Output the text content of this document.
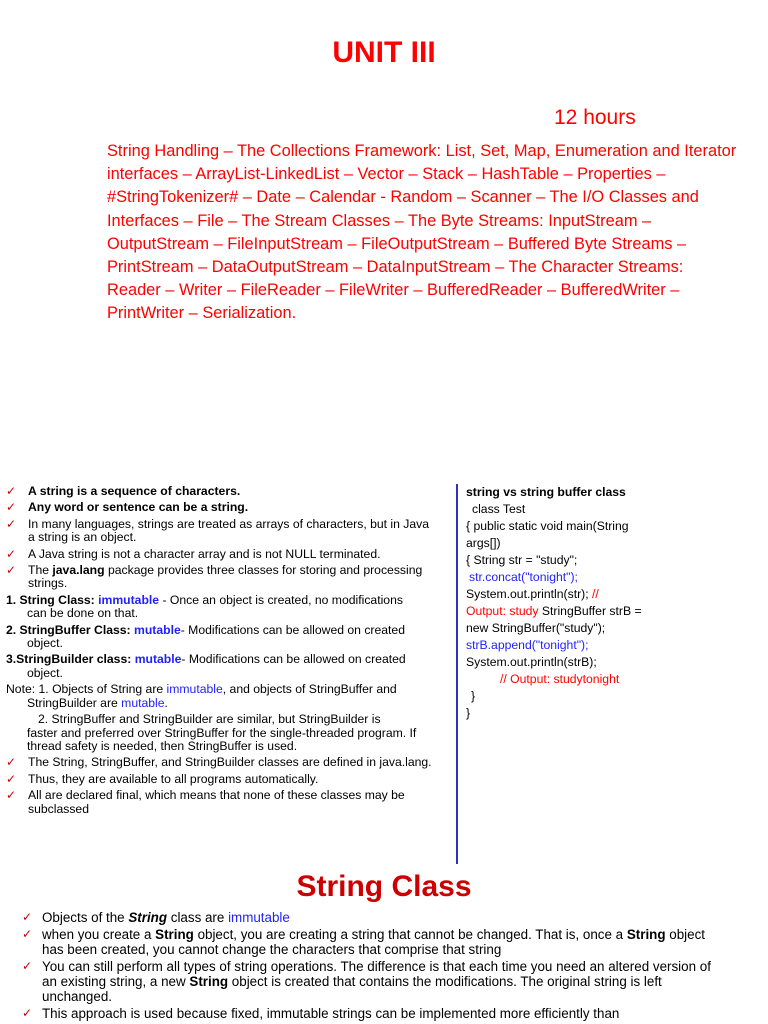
UNIT III
12 hours
String Handling – The Collections Framework: List, Set, Map, Enumeration and Iterator interfaces – ArrayList-LinkedList – Vector – Stack – HashTable – Properties – #StringTokenizer# – Date – Calendar - Random – Scanner – The I/O Classes and Interfaces – File – The Stream Classes – The Byte Streams: InputStream – OutputStream – FileInputStream – FileOutputStream – Buffered Byte Streams – PrintStream – DataOutputStream – DataInputStream – The Character Streams: Reader – Writer – FileReader – FileWriter – BufferedReader – BufferedWriter – PrintWriter – Serialization.
✓ A string is a sequence of characters.
✓ Any word or sentence can be a string.
✓ In many languages, strings are treated as arrays of characters, but in Java a string is an object.
✓ A Java string is not a character array and is not NULL terminated.
✓ The java.lang package provides three classes for storing and processing strings.
1. String Class: immutable - Once an object is created, no modifications
can be done on that.
2. StringBuffer Class: mutable- Modifications can be allowed on created
object.
3.StringBuilder class: mutable- Modifications can be allowed on created
object.
Note: 1. Objects of String are immutable, and objects of StringBuffer and
StringBuilder are mutable.
2. StringBuffer and StringBuilder are similar, but StringBuilder is
faster and preferred over StringBuffer for the single-threaded program. If thread safety is needed, then StringBuffer is used.
✓ The String, StringBuffer, and StringBuilder classes are defined in java.lang.
✓ Thus, they are available to all programs automatically.
✓ All are declared final, which means that none of these classes may be subclassed
string vs string buffer class
class Test
{ public static void main(String args[])
{ String str = "study";
str.concat("tonight");
System.out.println(str); //
Output: study StringBuffer strB = new StringBuffer("study");
strB.append("tonight");
System.out.println(strB);
// Output: studytonight
}
}
String Class
✓ Objects of the String class are immutable
✓ when you create a String object, you are creating a string that cannot be changed. That is, once a String object has been created, you cannot change the characters that comprise that string
✓ You can still perform all types of string operations. The difference is that each time you need an altered version of an existing string, a new String object is created that contains the modifications. The original string is left unchanged.
✓ This approach is used because fixed, immutable strings can be implemented more efficiently than
